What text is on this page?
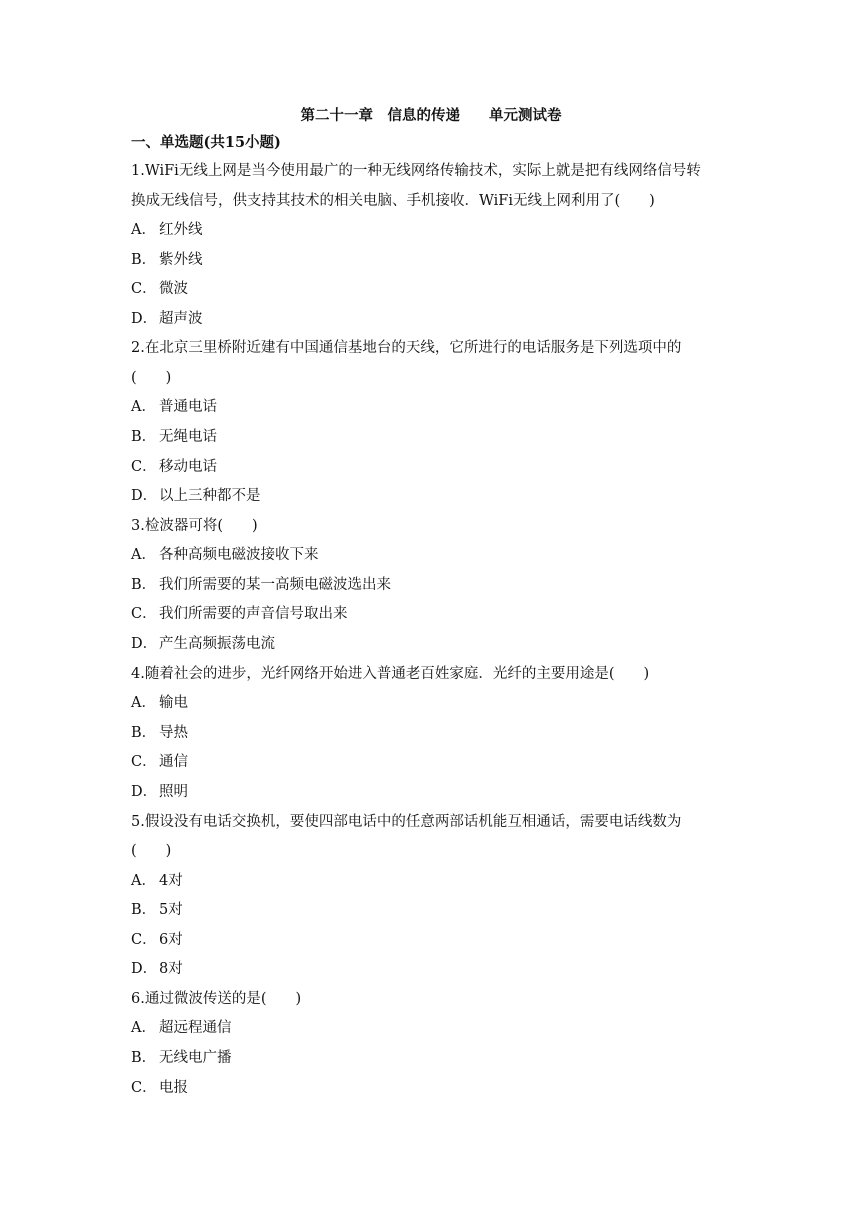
第二十一章　信息的传递　　单元测试卷
一、单选题(共15小题)
1.WiFi无线上网是当今使用最广的一种无线网络传输技术，实际上就是把有线网络信号转
换成无线信号，供支持其技术的相关电脑、手机接收．WiFi无线上网利用了(　　)
A． 红外线
B． 紫外线
C． 微波
D． 超声波
2.在北京三里桥附近建有中国通信基地台的天线，它所进行的电话服务是下列选项中的
(　　)
A． 普通电话
B． 无绳电话
C． 移动电话
D． 以上三种都不是
3.检波器可将(　　)
A． 各种高频电磁波接收下来
B． 我们所需要的某一高频电磁波选出来
C． 我们所需要的声音信号取出来
D． 产生高频振荡电流
4.随着社会的进步，光纤网络开始进入普通老百姓家庭．光纤的主要用途是(　　)
A． 输电
B． 导热
C． 通信
D． 照明
5.假设没有电话交换机，要使四部电话中的任意两部话机能互相通话，需要电话线数为
(　　)
A． 4对
B． 5对
C． 6对
D． 8对
6.通过微波传送的是(　　)
A． 超远程通信
B． 无线电广播
C． 电报
